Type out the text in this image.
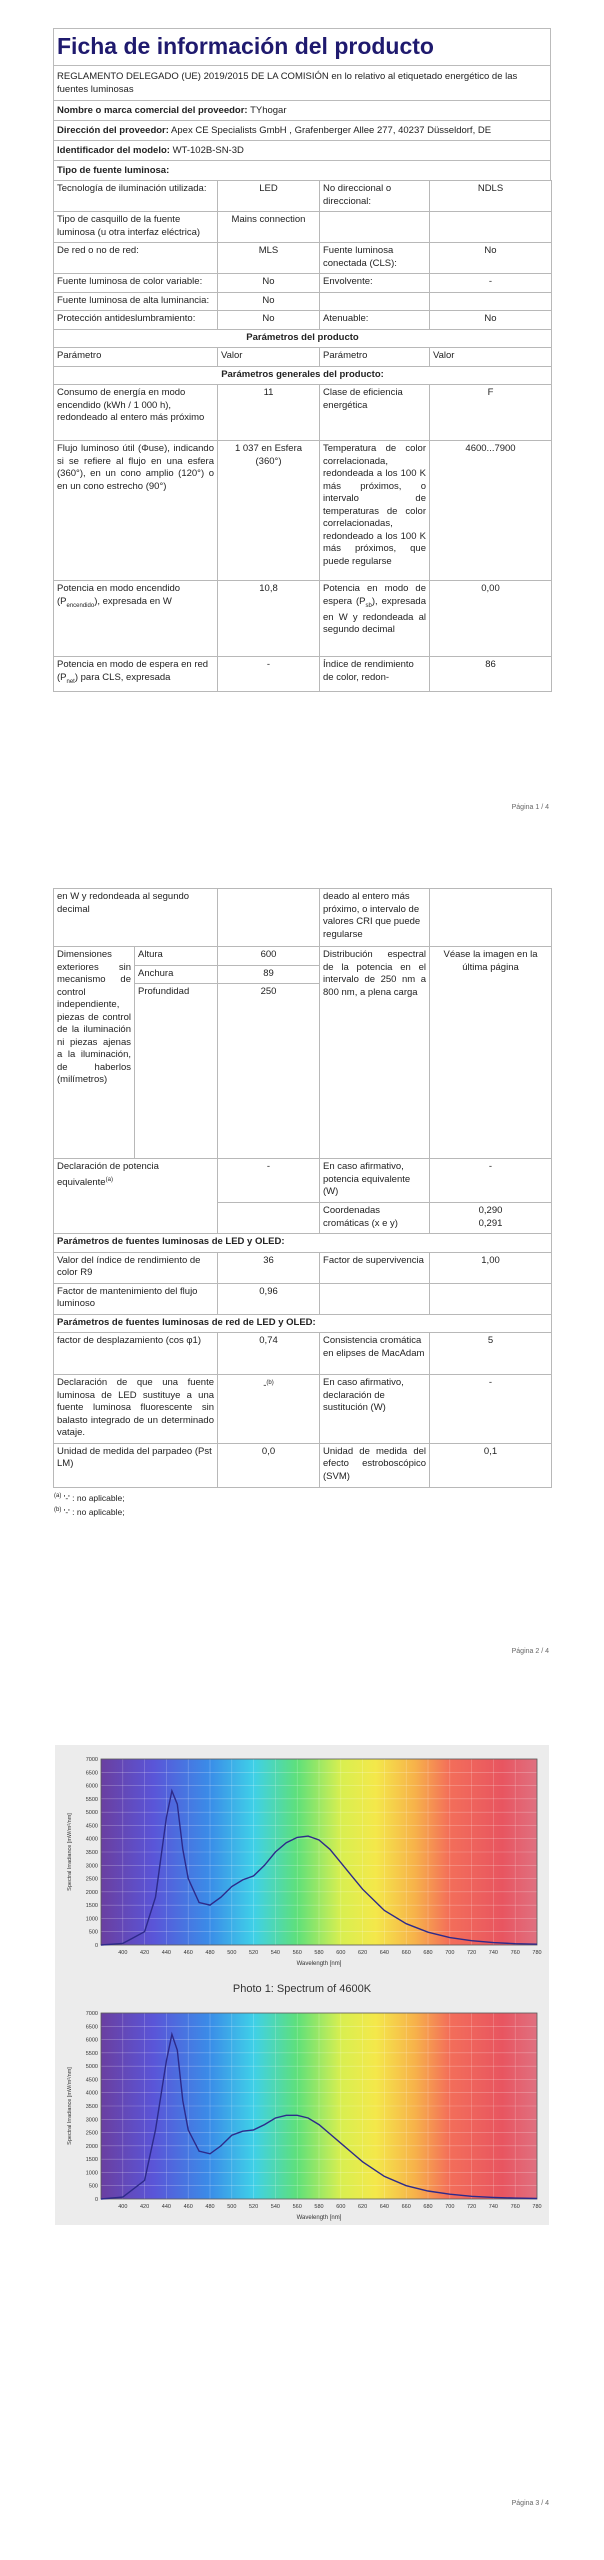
Ficha de información del producto
REGLAMENTO DELEGADO (UE) 2019/2015 DE LA COMISIÓN en lo relativo al etiquetado energético de las fuentes luminosas
Nombre o marca comercial del proveedor: TYhogar
Dirección del proveedor: Apex CE Specialists GmbH , Grafenberger Allee 277, 40237 Düsseldorf, DE
Identificador del modelo: WT-102B-SN-3D
Tipo de fuente luminosa:
Tecnología de iluminación utilizada:	LED	No direccional o direccional:	NDLS
Tipo de casquillo de la fuente luminosa (u otra interfaz eléctrica)	Mains connection		
De red o no de red:	MLS	Fuente luminosa conectada (CLS):	No
Fuente luminosa de color variable:	No	Envolvente:	-
Fuente luminosa de alta luminancia:	No		
Protección antideslumbramiento:	No	Atenuable:	No
Parámetros del producto			
Parámetro	Valor	Parámetro	Valor
Parámetros generales del producto:			
Consumo de energía en modo encendido (kWh / 1 000 h), redondeado al entero más próximo	11	Clase de eficiencia energética	F
Flujo luminoso útil (Φuse), indicando si se refiere al flujo en una esfera (360°), en un cono amplio (120°) o en un cono estrecho (90°)	1 037 en Esfera (360°)	Temperatura de color correlacionada, redondeada a los 100 K más próximos, o intervalo de temperaturas de color correlacionadas, redondeado a los 100 K más próximos, que puede regularse	4600...7900
Potencia en modo encendido $(P_{encendido})$, expresada en W	10,8	Potencia en modo de espera $(P_{sb})$, expresada en W y redondeada al segundo decimal	0,00
Potencia en modo de espera en red $(P_{net})$ para CLS, expresada	-	Índice de rendimiento de color, redon-	86
Página 1 / 4
en W y redondeada al segundo decimal			deado al entero más próximo, o intervalo de valores CRI que puede regularse	
Dimensiones exteriores sin mecanismo de control independiente, piezas de control de la iluminación ni piezas ajenas a la iluminación, de haberlos (milímetros)	Altura	600	Distribución espectral de la potencia en el intervalo de 250 nm a 800 nm, a plena carga	Véase la imagen en la última página
	Anchura	89		
	Profundidad	250		
Declaración de potencia equivalente$^{(a)}$		-	En caso afirmativo, potencia equivalente (W)	-
			Coordenadas cromáticas (x e y)	0,290
0,291

Parámetros de fuentes luminosas de LED y OLED:				
Valor del índice de rendimiento de color R9		36	Factor de supervivencia	1,00
Factor de mantenimiento del flujo luminoso		0,96		
Parámetros de fuentes luminosas de red de LED y OLED:				
factor de desplazamiento (cos φ1)		0,74	Consistencia cromática en elipses de MacAdam	5
Declaración de que una fuente luminosa de LED sustituye a una fuente luminosa fluorescente sin balasto integrado de un determinado vataje.		-$^{(b)}$	En caso afirmativo, declaración de sustitución (W)	-
Unidad de medida del parpadeo (Pst LM)		0,0	Unidad de medida del efecto estroboscópico (SVM)	0,1
$^{(a)}$ '-' : no aplicable;
$^{(b)}$ '-' : no aplicable;
Página 2 / 4
0
500
1000
1500
2000
2500
3000
3500
4000
4500
5000
5500
6000
6500
7000
400 420 440 460 480 500 520 540 560 580 600 620 640 660 680 700 720 740 760 780
Wavelength [nm]
Spectral Irradiance [mW/m²/nm]
Photo 1: Spectrum of 4600K
0
500
1000
1500
2000
2500
3000
3500
4000
4500
5000
5500
6000
6500
7000
400 420 440 460 480 500 520 540 560 580 600 620 640 660 680 700 720 740 760 780
Wavelength [nm]
Spectral Irradiance [mW/m²/nm]
Página 3 / 4
